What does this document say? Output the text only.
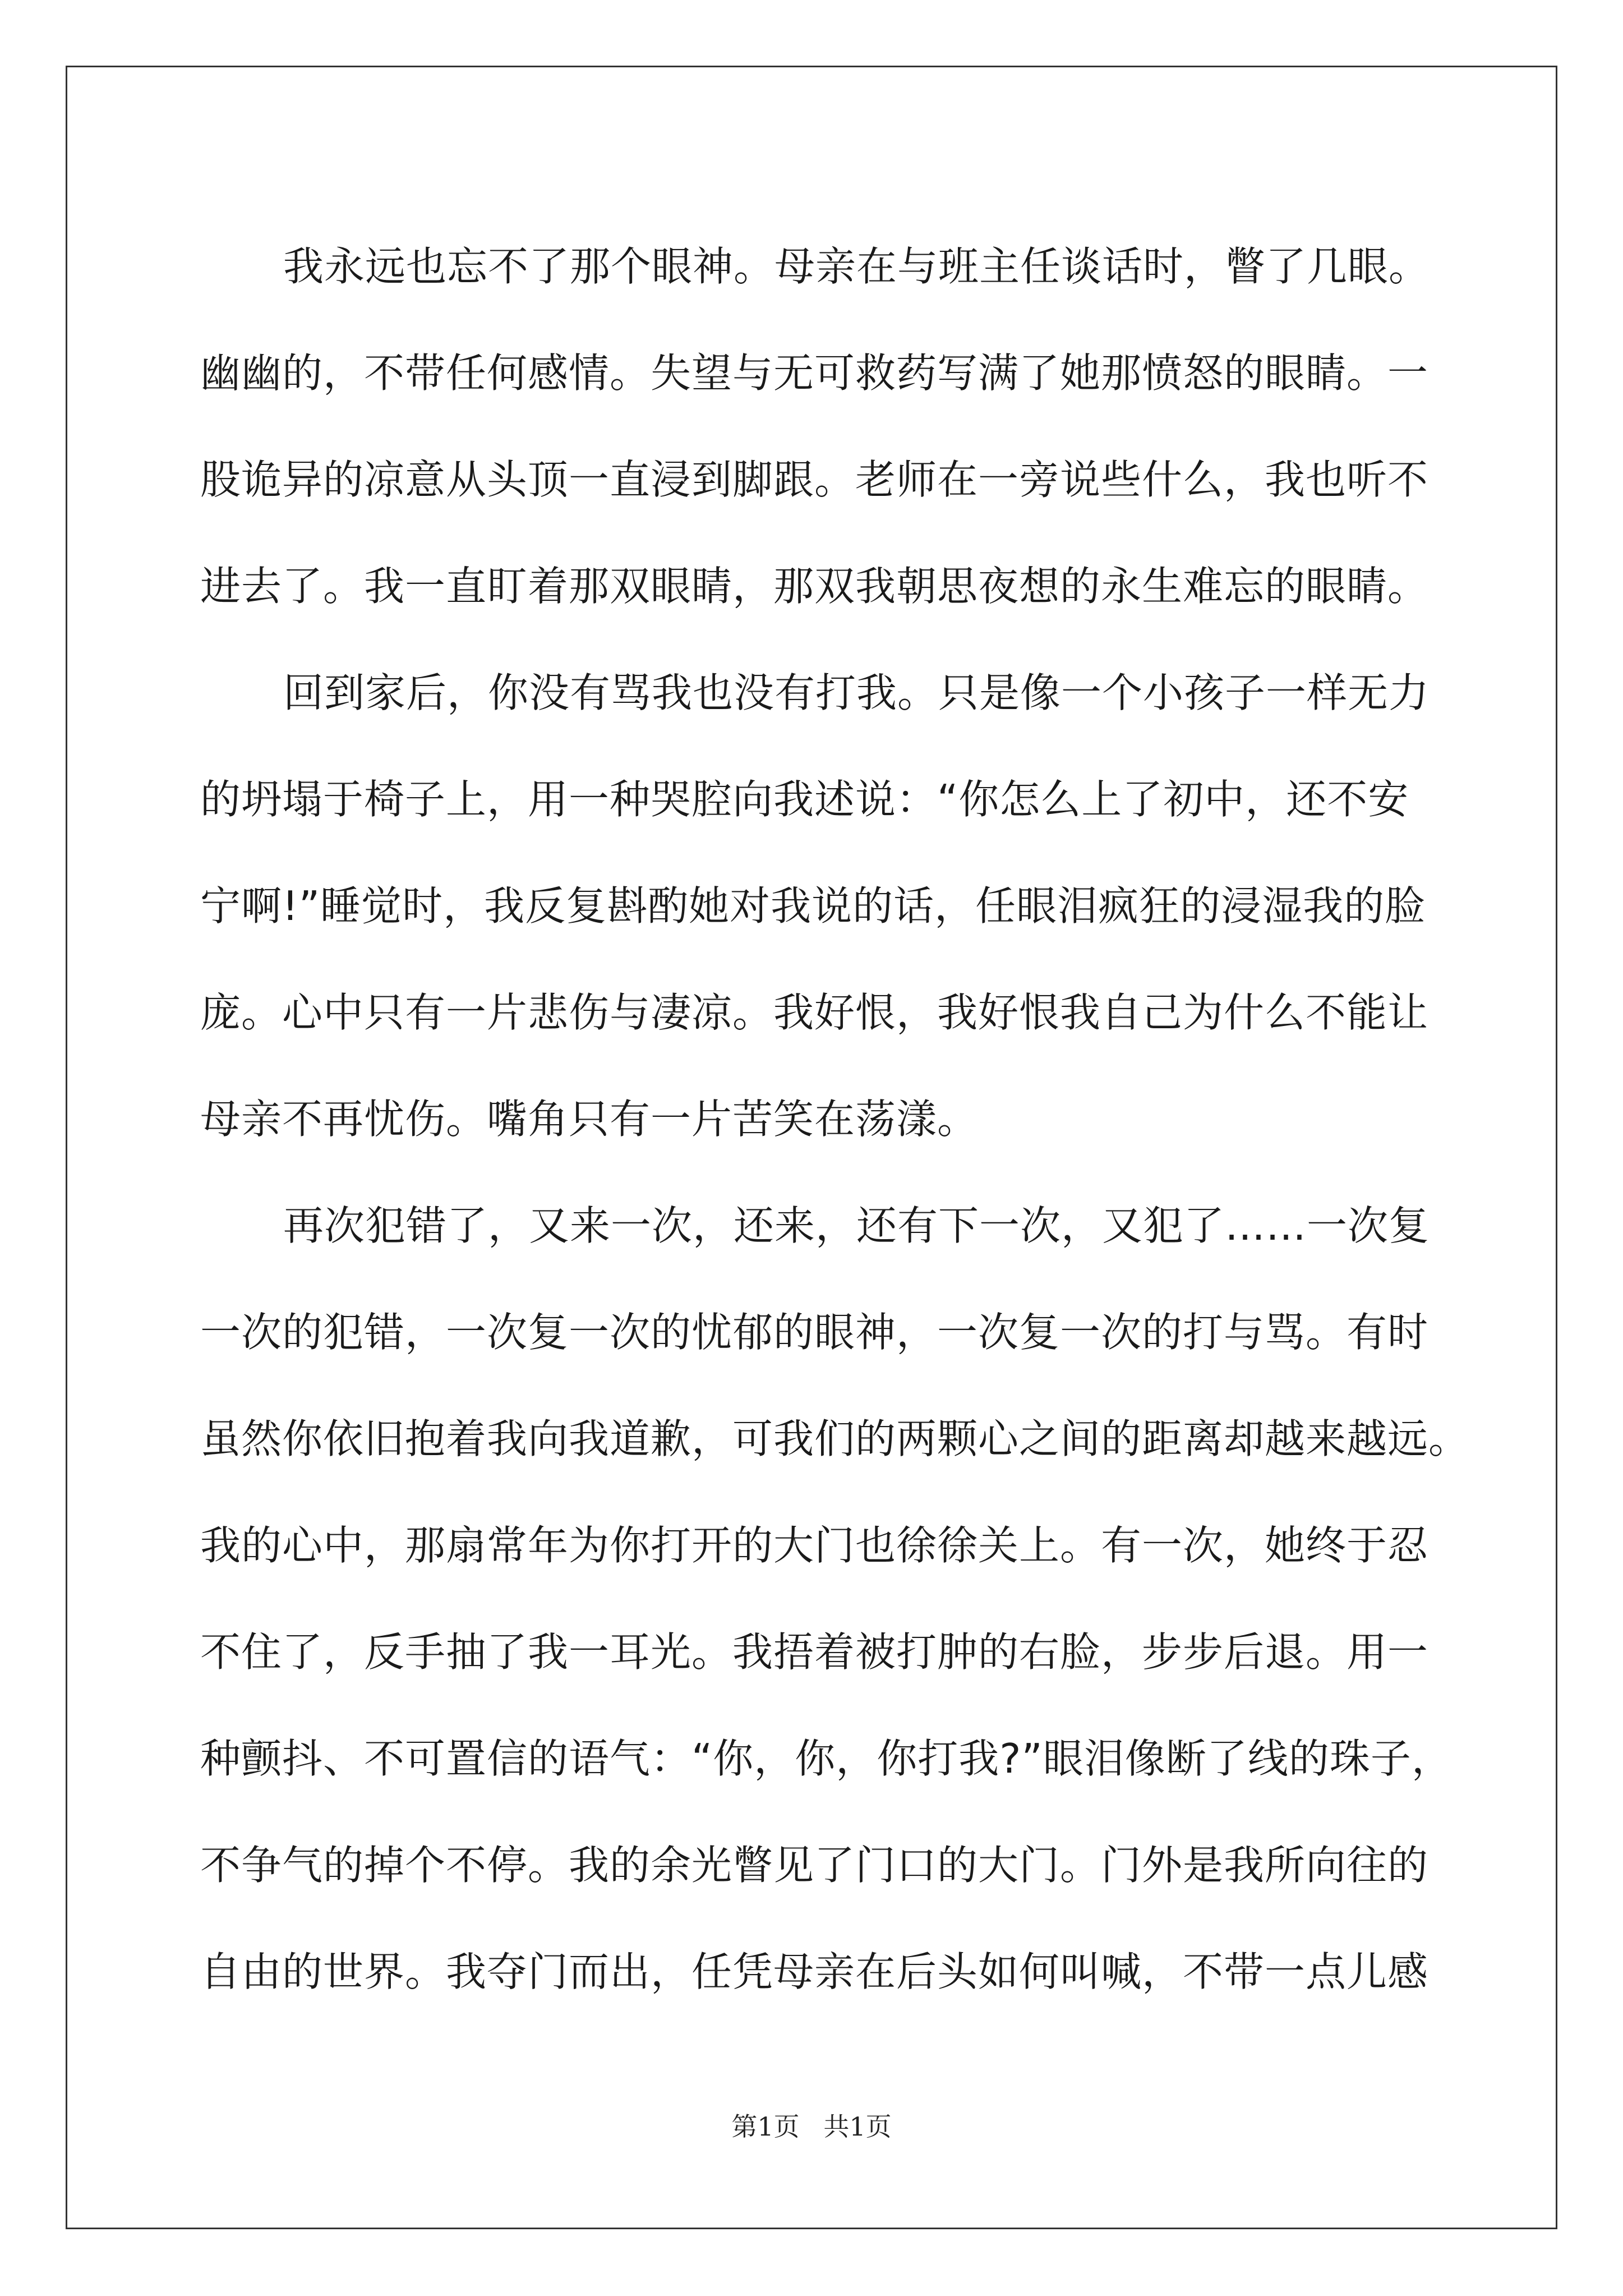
我永远也忘不了那个眼神。母亲在与班主任谈话时，瞥了几眼。
幽幽的，不带任何感情。失望与无可救药写满了她那愤怒的眼睛。一
股诡异的凉意从头顶一直浸到脚跟。老师在一旁说些什么，我也听不
进去了。我一直盯着那双眼睛，那双我朝思夜想的永生难忘的眼睛。
回到家后，你没有骂我也没有打我。只是像一个小孩子一样无力
的坍塌于椅子上，用一种哭腔向我述说：“你怎么上了初中，还不安
宁啊!”睡觉时，我反复斟酌她对我说的话，任眼泪疯狂的浸湿我的脸
庞。心中只有一片悲伤与凄凉。我好恨，我好恨我自己为什么不能让
母亲不再忧伤。嘴角只有一片苦笑在荡漾。
再次犯错了，又来一次，还来，还有下一次，又犯了……一次复
一次的犯错，一次复一次的忧郁的眼神，一次复一次的打与骂。有时
虽然你依旧抱着我向我道歉，可我们的两颗心之间的距离却越来越远。
我的心中，那扇常年为你打开的大门也徐徐关上。有一次，她终于忍
不住了，反手抽了我一耳光。我捂着被打肿的右脸，步步后退。用一
种颤抖、不可置信的语气：“你，你，你打我?”眼泪像断了线的珠子，
不争气的掉个不停。我的余光瞥见了门口的大门。门外是我所向往的
自由的世界。我夺门而出，任凭母亲在后头如何叫喊，不带一点儿感
第1页 共1页
